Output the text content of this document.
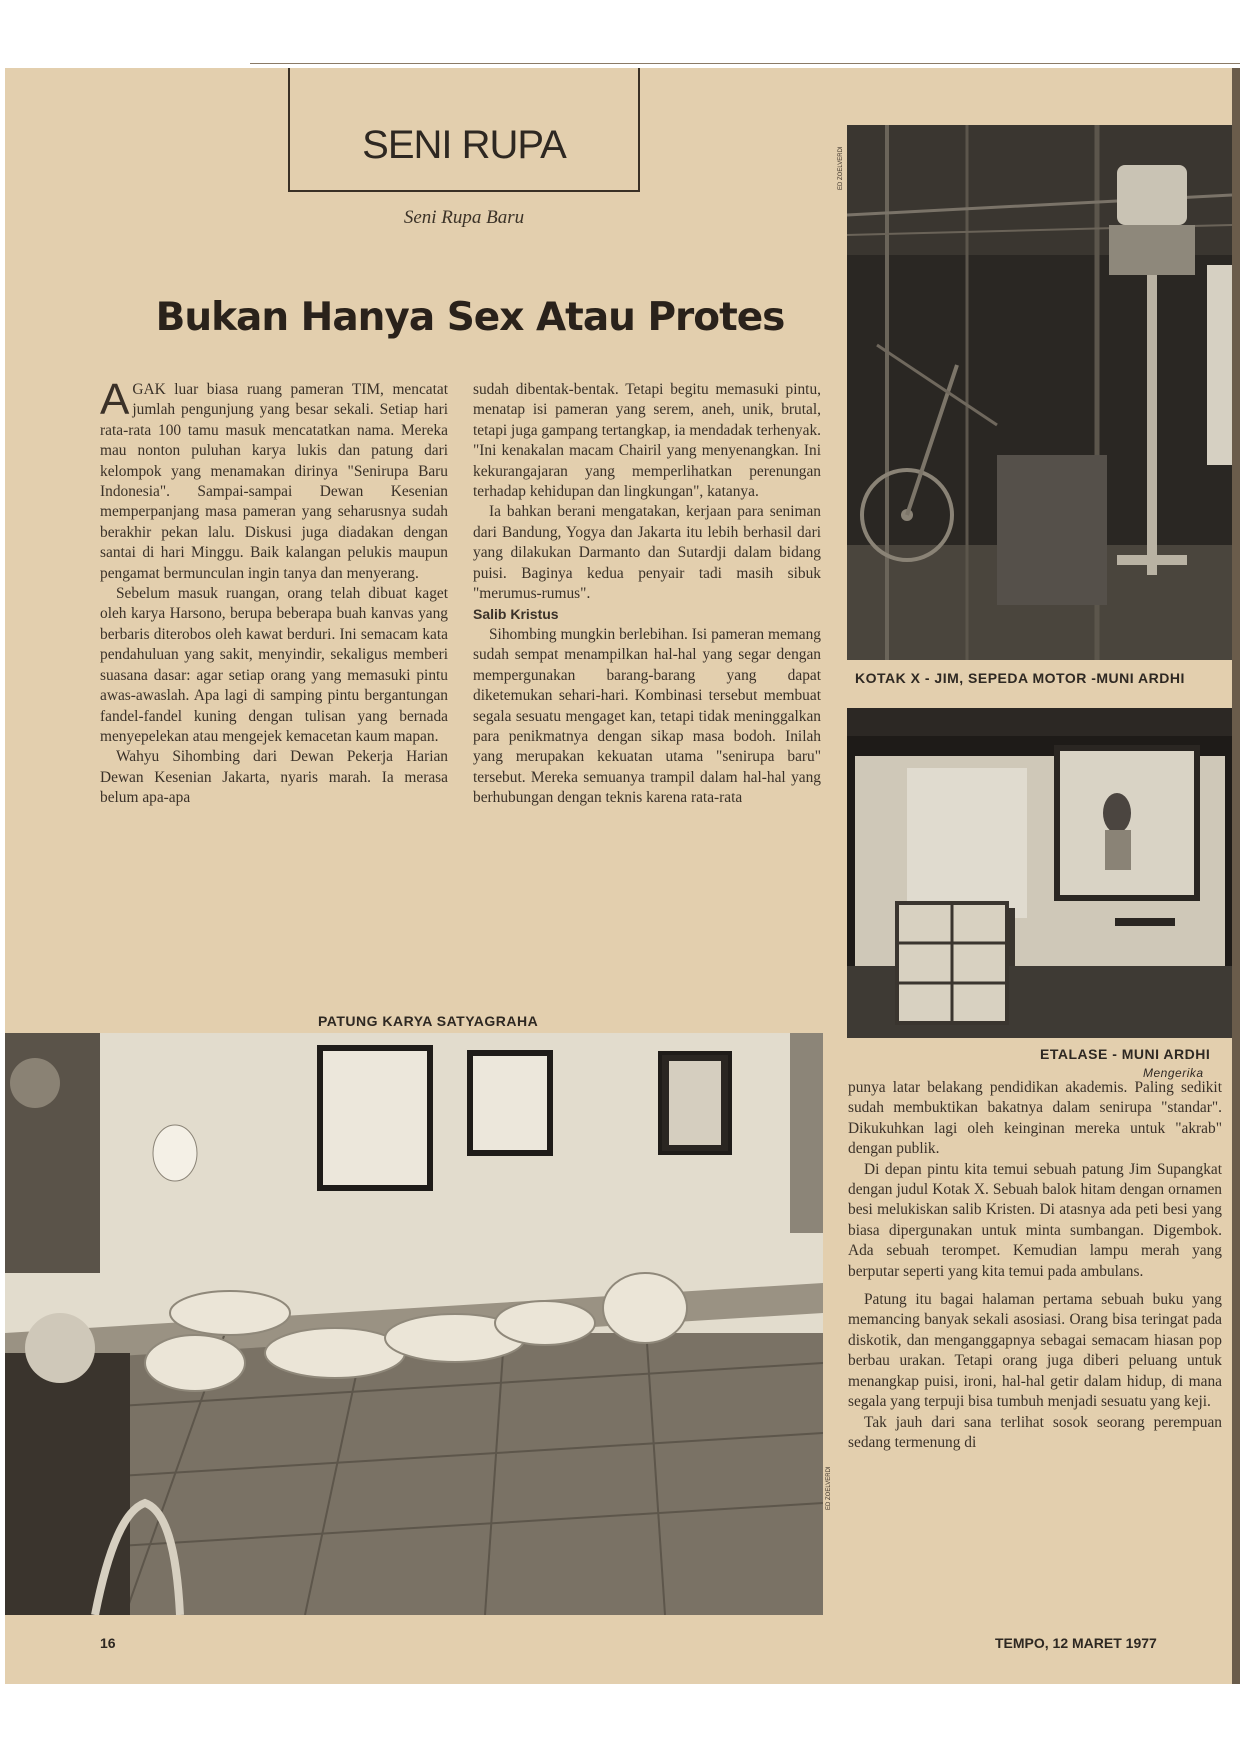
SENI RUPA
Seni Rupa Baru
Bukan Hanya Sex Atau Protes

AGAK luar biasa ruang pameran TIM, mencatat jumlah pengunjung yang besar sekali. Setiap hari rata-rata 100 tamu masuk mencatatkan nama. Mereka mau nonton puluhan karya lukis dan patung dari kelompok yang menamakan dirinya "Senirupa Baru Indonesia". Sampai-sampai Dewan Kesenian memperpanjang masa pameran yang seharusnya sudah berakhir pekan lalu. Diskusi juga diadakan dengan santai di hari Minggu. Baik kalangan pelukis maupun pengamat bermunculan ingin tanya dan menyerang.

Sebelum masuk ruangan, orang telah dibuat kaget oleh karya Harsono, berupa beberapa buah kanvas yang berbaris diterobos oleh kawat berduri. Ini semacam kata pendahuluan yang sakit, menyindir, sekaligus memberi suasana dasar: agar setiap orang yang memasuki pintu awas-awaslah. Apa lagi di samping pintu bergantungan fandel-fandel kuning dengan tulisan yang bernada menyepelekan atau mengejek kemacetan kaum mapan.

Wahyu Sihombing dari Dewan Pekerja Harian Dewan Kesenian Jakarta, nyaris marah. Ia merasa belum apa-apa

sudah dibentak-bentak. Tetapi begitu memasuki pintu, menatap isi pameran yang serem, aneh, unik, brutal, tetapi juga gampang tertangkap, ia mendadak terhenyak. "Ini kenakalan macam Chairil yang menyenangkan. Ini kekurangajaran yang memperlihatkan perenungan terhadap kehidupan dan lingkungan", katanya.

Ia bahkan berani mengatakan, kerjaan para seniman dari Bandung, Yogya dan Jakarta itu lebih berhasil dari yang dilakukan Darmanto dan Sutardji dalam bidang puisi. Baginya kedua penyair tadi masih sibuk "merumus-rumus".

Salib Kristus

Sihombing mungkin berlebihan. Isi pameran memang sudah sempat menampilkan hal-hal yang segar dengan mempergunakan barang-barang yang dapat diketemukan sehari-hari. Kombinasi tersebut membuat segala sesuatu mengaget kan, tetapi tidak meninggalkan para penikmatnya dengan sikap masa bodoh. Inilah yang merupakan kekuatan utama "senirupa baru" tersebut. Mereka semuanya trampil dalam hal-hal yang berhubungan dengan teknis karena rata-rata

ED ZOELVERDI
KOTAK X - JIM, SEPEDA MOTOR -MUNI ARDHI
ETALASE - MUNI ARDHI
Mengerika
PATUNG KARYA SATYAGRAHA
ED ZOELVERDI

punya latar belakang pendidikan akademis. Paling sedikit sudah membuktikan bakatnya dalam senirupa "standar". Dikukuhkan lagi oleh keinginan mereka untuk "akrab" dengan publik.

Di depan pintu kita temui sebuah patung Jim Supangkat dengan judul Kotak X. Sebuah balok hitam dengan ornamen besi melukiskan salib Kristen. Di atasnya ada peti besi yang biasa dipergunakan untuk minta sumbangan. Digembok. Ada sebuah terompet. Kemudian lampu merah yang berputar seperti yang kita temui pada ambulans.

Patung itu bagai halaman pertama sebuah buku yang memancing banyak sekali asosiasi. Orang bisa teringat pada diskotik, dan menganggapnya sebagai semacam hiasan pop berbau urakan. Tetapi orang juga diberi peluang untuk menangkap puisi, ironi, hal-hal getir dalam hidup, di mana segala yang terpuji bisa tumbuh menjadi sesuatu yang keji.

Tak jauh dari sana terlihat sosok seorang perempuan sedang termenung di

16	TEMPO, 12 MARET 1977
